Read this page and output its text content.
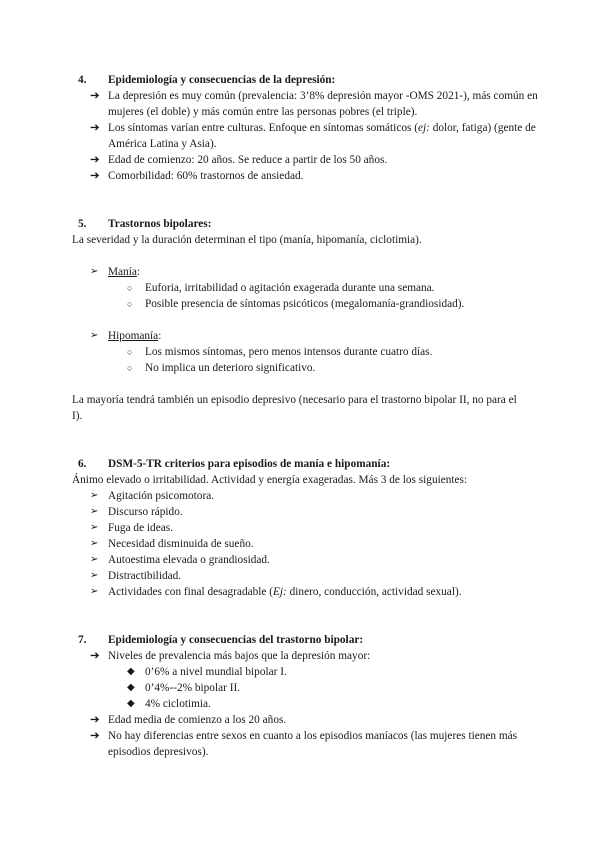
4. Epidemiología y consecuencias de la depresión:
➔ La depresión es muy común (prevalencia: 3’8% depresión mayor -OMS 2021-), más común en mujeres (el doble) y más común entre las personas pobres (el triple).
➔ Los síntomas varían entre culturas. Enfoque en síntomas somáticos (ej: dolor, fatiga) (gente de América Latina y Asia).
➔ Edad de comienzo: 20 años. Se reduce a partir de los 50 años.
➔ Comorbilidad: 60% trastornos de ansiedad.
5. Trastornos bipolares:
La severidad y la duración determinan el tipo (manía, hipomanía, ciclotimia).
➢ Manía:
○ Euforia, irritabilidad o agitación exagerada durante una semana.
○ Posible presencia de síntomas psicóticos (megalomanía-grandiosidad).
➢ Hipomanía:
○ Los mismos síntomas, pero menos intensos durante cuatro días.
○ No implica un deterioro significativo.
La mayoría tendrá también un episodio depresivo (necesario para el trastorno bipolar II, no para el I).
6. DSM-5-TR criterios para episodios de manía e hipomanía:
Ánimo elevado o irritabilidad. Actividad y energía exageradas. Más 3 de los siguientes:
➢ Agitación psicomotora.
➢ Discurso rápido.
➢ Fuga de ideas.
➢ Necesidad disminuida de sueño.
➢ Autoestima elevada o grandiosidad.
➢ Distractibilidad.
➢ Actividades con final desagradable (Ej: dinero, conducción, actividad sexual).
7. Epidemiología y consecuencias del trastorno bipolar:
➔ Niveles de prevalencia más bajos que la depresión mayor:
◆ 0’6% a nivel mundial bipolar I.
◆ 0’4%--2% bipolar II.
◆ 4% ciclotimia.
➔ Edad media de comienzo a los 20 años.
➔ No hay diferencias entre sexos en cuanto a los episodios maníacos (las mujeres tienen más episodios depresivos).
